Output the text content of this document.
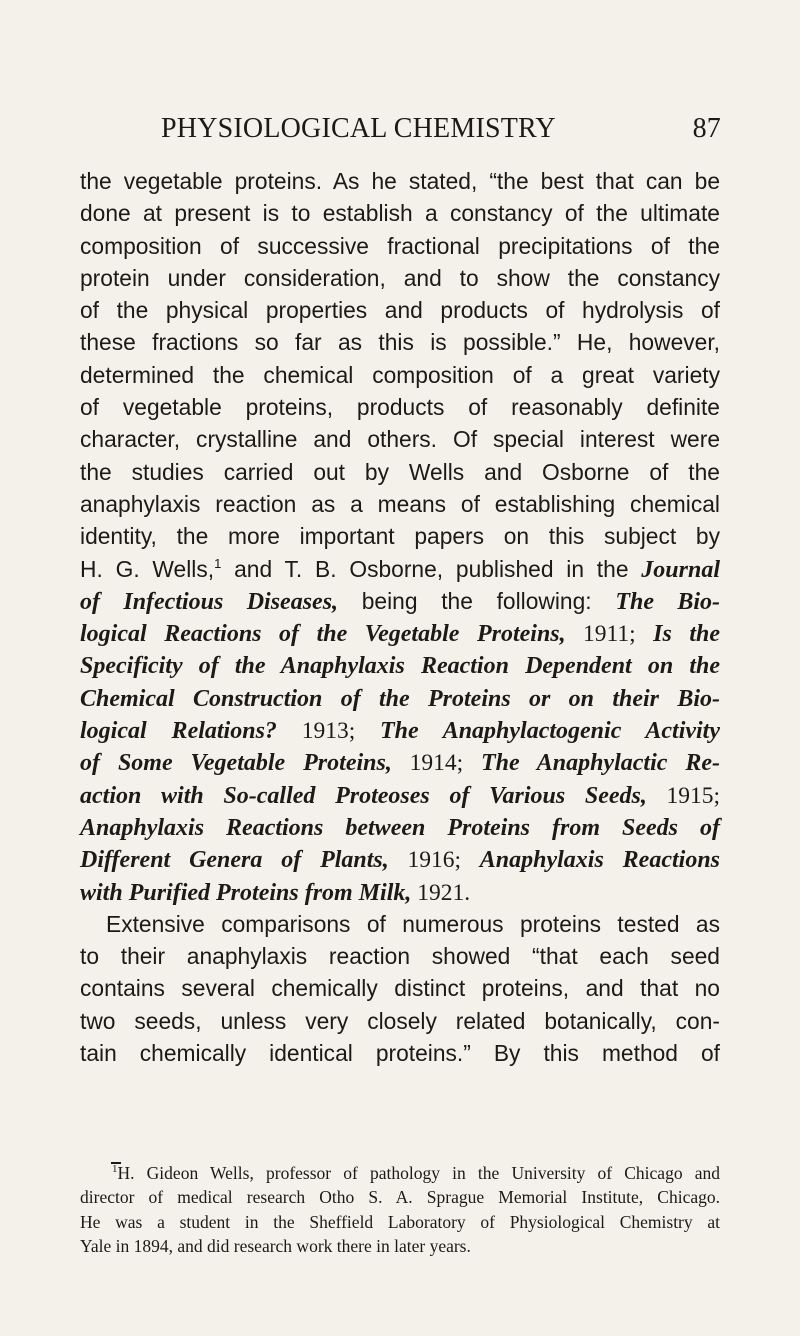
PHYSIOLOGICAL CHEMISTRY	87
the vegetable proteins. As he stated, “the best that can be
done at present is to establish a constancy of the ultimate
composition of successive fractional precipitations of the
protein under consideration, and to show the constancy
of the physical properties and products of hydrolysis of
these fractions so far as this is possible.” He, however,
determined the chemical composition of a great variety
of vegetable proteins, products of reasonably definite
character, crystalline and others. Of special interest were
the studies carried out by Wells and Osborne of the
anaphylaxis reaction as a means of establishing chemical
identity, the more important papers on this subject by
H. G. Wells,$^1$ and T. B. Osborne, published in the Journal
of Infectious Diseases, being the following: The Bio-
logical Reactions of the Vegetable Proteins, 1911; Is the
Specificity of the Anaphylaxis Reaction Dependent on the
Chemical Construction of the Proteins or on their Bio-
logical Relations? 1913; The Anaphylactogenic Activity
of Some Vegetable Proteins, 1914; The Anaphylactic Re-
action with So-called Proteoses of Various Seeds, 1915;
Anaphylaxis Reactions between Proteins from Seeds of
Different Genera of Plants, 1916; Anaphylaxis Reactions
with Purified Proteins from Milk, 1921.
Extensive comparisons of numerous proteins tested as
to their anaphylaxis reaction showed “that each seed
contains several chemically distinct proteins, and that no
two seeds, unless very closely related botanically, con-
tain chemically identical proteins.” By this method of
$^1$H. Gideon Wells, professor of pathology in the University of Chicago and
director of medical research Otho S. A. Sprague Memorial Institute, Chicago.
He was a student in the Sheffield Laboratory of Physiological Chemistry at
Yale in 1894, and did research work there in later years.
